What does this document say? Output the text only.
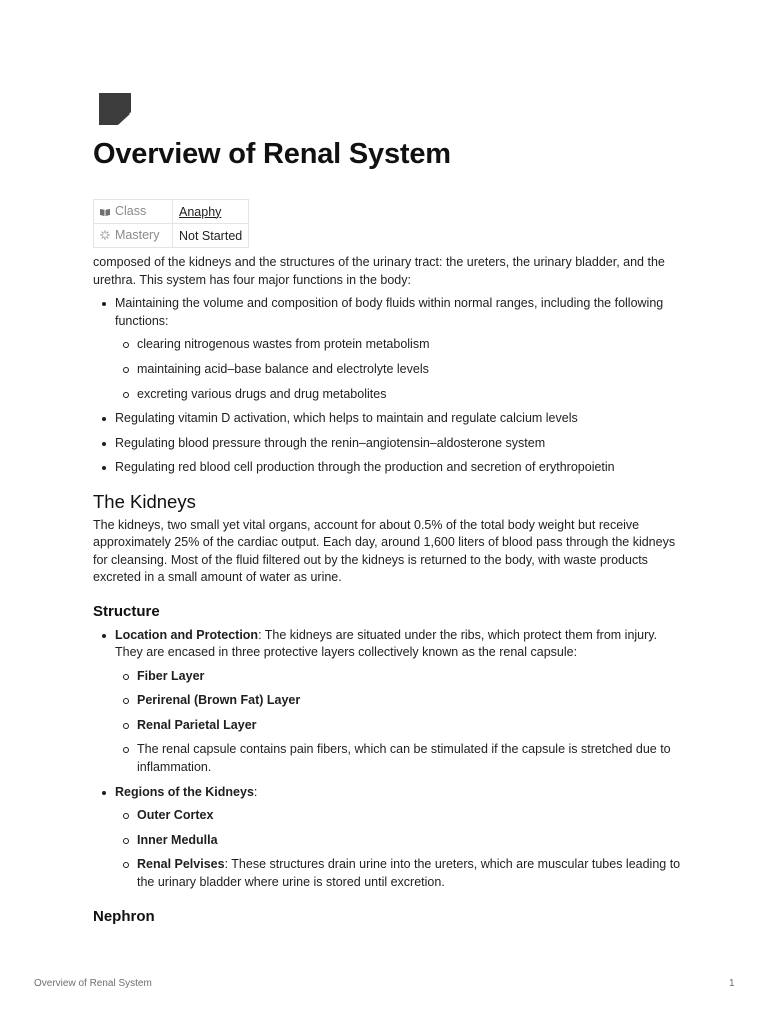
Overview of Renal System
Class	Anaphy
Mastery	Not Started

composed of the kidneys and the structures of the urinary tract: the ureters, the urinary bladder, and the urethra. This system has four major functions in the body:

Maintaining the volume and composition of body fluids within normal ranges, including the following functions:
clearing nitrogenous wastes from protein metabolism
maintaining acid–base balance and electrolyte levels
excreting various drugs and drug metabolites
Regulating vitamin D activation, which helps to maintain and regulate calcium levels
Regulating blood pressure through the renin–angiotensin–aldosterone system
Regulating red blood cell production through the production and secretion of erythropoietin
The Kidneys

The kidneys, two small yet vital organs, account for about 0.5% of the total body weight but receive approximately 25% of the cardiac output. Each day, around 1,600 liters of blood pass through the kidneys for cleansing. Most of the fluid filtered out by the kidneys is returned to the body, with waste products excreted in a small amount of water as urine.

Structure
Location and Protection: The kidneys are situated under the ribs, which protect them from injury. They are encased in three protective layers collectively known as the renal capsule:
Fiber Layer
Perirenal (Brown Fat) Layer
Renal Parietal Layer
The renal capsule contains pain fibers, which can be stimulated if the capsule is stretched due to inflammation.
Regions of the Kidneys:
Outer Cortex
Inner Medulla
Renal Pelvises: These structures drain urine into the ureters, which are muscular tubes leading to the urinary bladder where urine is stored until excretion.
Nephron
Overview of Renal System	1
